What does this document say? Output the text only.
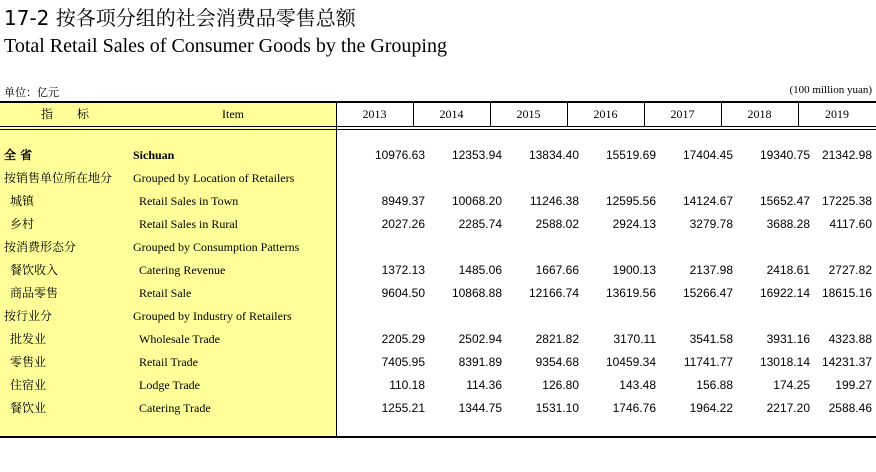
17-2 按各项分组的社会消费品零售总额
Total Retail Sales of Consumer Goods by the Grouping
单位：亿元	(100 million yuan)
指　　标	Item	2013	2014	2015	2016	2017	2018	2019
全 省	Sichuan	10976.63	12353.94	13834.40	15519.69	17404.45	19340.75 21342.98
按销售单位所在地分 Grouped by Location of Retailers
城镇	Retail Sales in Town	8949.37	10068.20	11246.38	12595.56	14124.67	15652.47 17225.38
乡村	Retail Sales in Rural	2027.26	2285.74	2588.02	2924.13	3279.78	3688.28	4117.60
按消费形态分	Grouped by Consumption Patterns
餐饮收入	Catering Revenue	1372.13	1485.06	1667.66	1900.13	2137.98	2418.61	2727.82
商品零售	Retail Sale	9604.50	10868.88	12166.74	13619.56	15266.47	16922.14 18615.16
按行业分	Grouped by Industry of Retailers
批发业	Wholesale Trade	2205.29	2502.94	2821.82	3170.11	3541.58	3931.16	4323.88
零售业	Retail Trade	7405.95	8391.89	9354.68	10459.34	11741.77	13018.14 14231.37
住宿业	Lodge Trade	110.18	114.36	126.80	143.48	156.88	174.25	199.27
餐饮业	Catering Trade	1255.21	1344.75	1531.10	1746.76	1964.22	2217.20	2588.46
